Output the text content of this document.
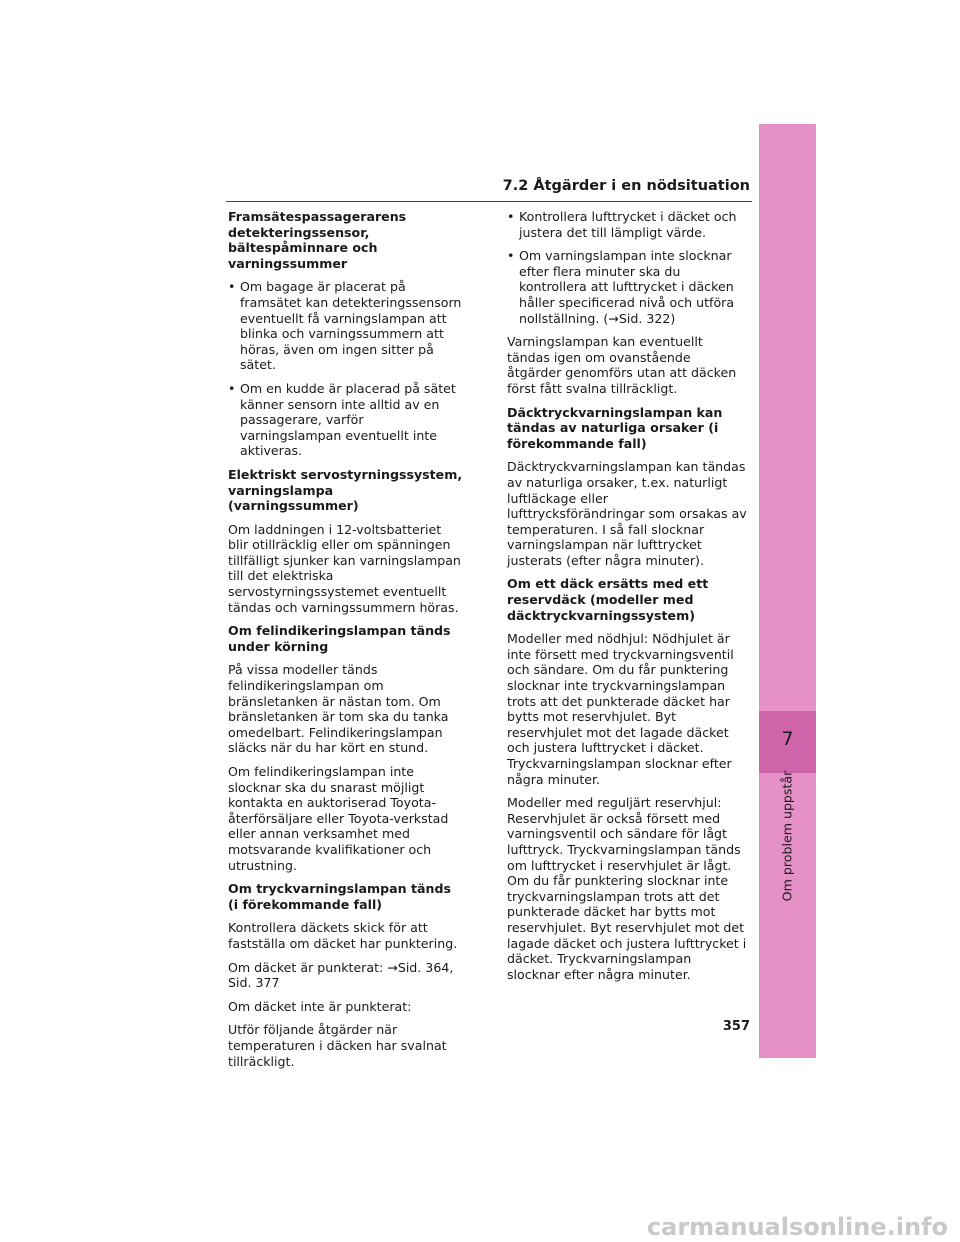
7.2 Åtgärder i en nödsituation
Framsätespassagerarens detekteringssensor, bältespåminnare och varningssummer
• Om bagage är placerat på framsätet kan detekteringssensorn eventuellt få varningslampan att blinka och varningssummern att höras, även om ingen sitter på sätet.
• Om en kudde är placerad på sätet känner sensorn inte alltid av en passagerare, varför varningslampan eventuellt inte aktiveras.
Elektriskt servostyrningssystem, varningslampa (varningssummer)

Om laddningen i 12-voltsbatteriet blir otillräcklig eller om spänningen tillfälligt sjunker kan varningslampan till det elektriska servostyrningssystemet eventuellt tändas och varningssummern höras.

Om felindikeringslampan tänds under körning

På vissa modeller tänds felindikeringslampan om bränsletanken är nästan tom. Om bränsletanken är tom ska du tanka omedelbart. Felindikeringslampan släcks när du har kört en stund.

Om felindikeringslampan inte slocknar ska du snarast möjligt kontakta en auktoriserad Toyota-återförsäljare eller Toyota-verkstad eller annan verksamhet med motsvarande kvalifikationer och utrustning.

Om tryckvarningslampan tänds (i förekommande fall)

Kontrollera däckets skick för att fastställa om däcket har punktering.

Om däcket är punkterat: →Sid. 364, Sid. 377

Om däcket inte är punkterat:

Utför följande åtgärder när temperaturen i däcken har svalnat tillräckligt.

• Kontrollera lufttrycket i däcket och justera det till lämpligt värde.
• Om varningslampan inte slocknar efter flera minuter ska du kontrollera att lufttrycket i däcken håller specificerad nivå och utföra nollställning. (→Sid. 322)

Varningslampan kan eventuellt tändas igen om ovanstående åtgärder genomförs utan att däcken först fått svalna tillräckligt.

Däcktryckvarningslampan kan tändas av naturliga orsaker (i förekommande fall)

Däcktryckvarningslampan kan tändas av naturliga orsaker, t.ex. naturligt luftläckage eller lufttrycksförändringar som orsakas av temperaturen. I så fall slocknar varningslampan när lufttrycket justerats (efter några minuter).

Om ett däck ersätts med ett reservdäck (modeller med däcktryckvarningssystem)

Modeller med nödhjul: Nödhjulet är inte försett med tryckvarningsventil och sändare. Om du får punktering slocknar inte tryckvarningslampan trots att det punkterade däcket har bytts mot reservhjulet. Byt reservhjulet mot det lagade däcket och justera lufttrycket i däcket. Tryckvarningslampan slocknar efter några minuter.

Modeller med reguljärt reservhjul: Reservhjulet är också försett med varningsventil och sändare för lågt lufttryck. Tryckvarningslampan tänds om lufttrycket i reservhjulet är lågt. Om du får punktering slocknar inte tryckvarningslampan trots att det punkterade däcket har bytts mot reservhjulet. Byt reservhjulet mot det lagade däcket och justera lufttrycket i däcket. Tryckvarningslampan slocknar efter några minuter.

7
Om problem uppstår
357
carmanualsonline.info
